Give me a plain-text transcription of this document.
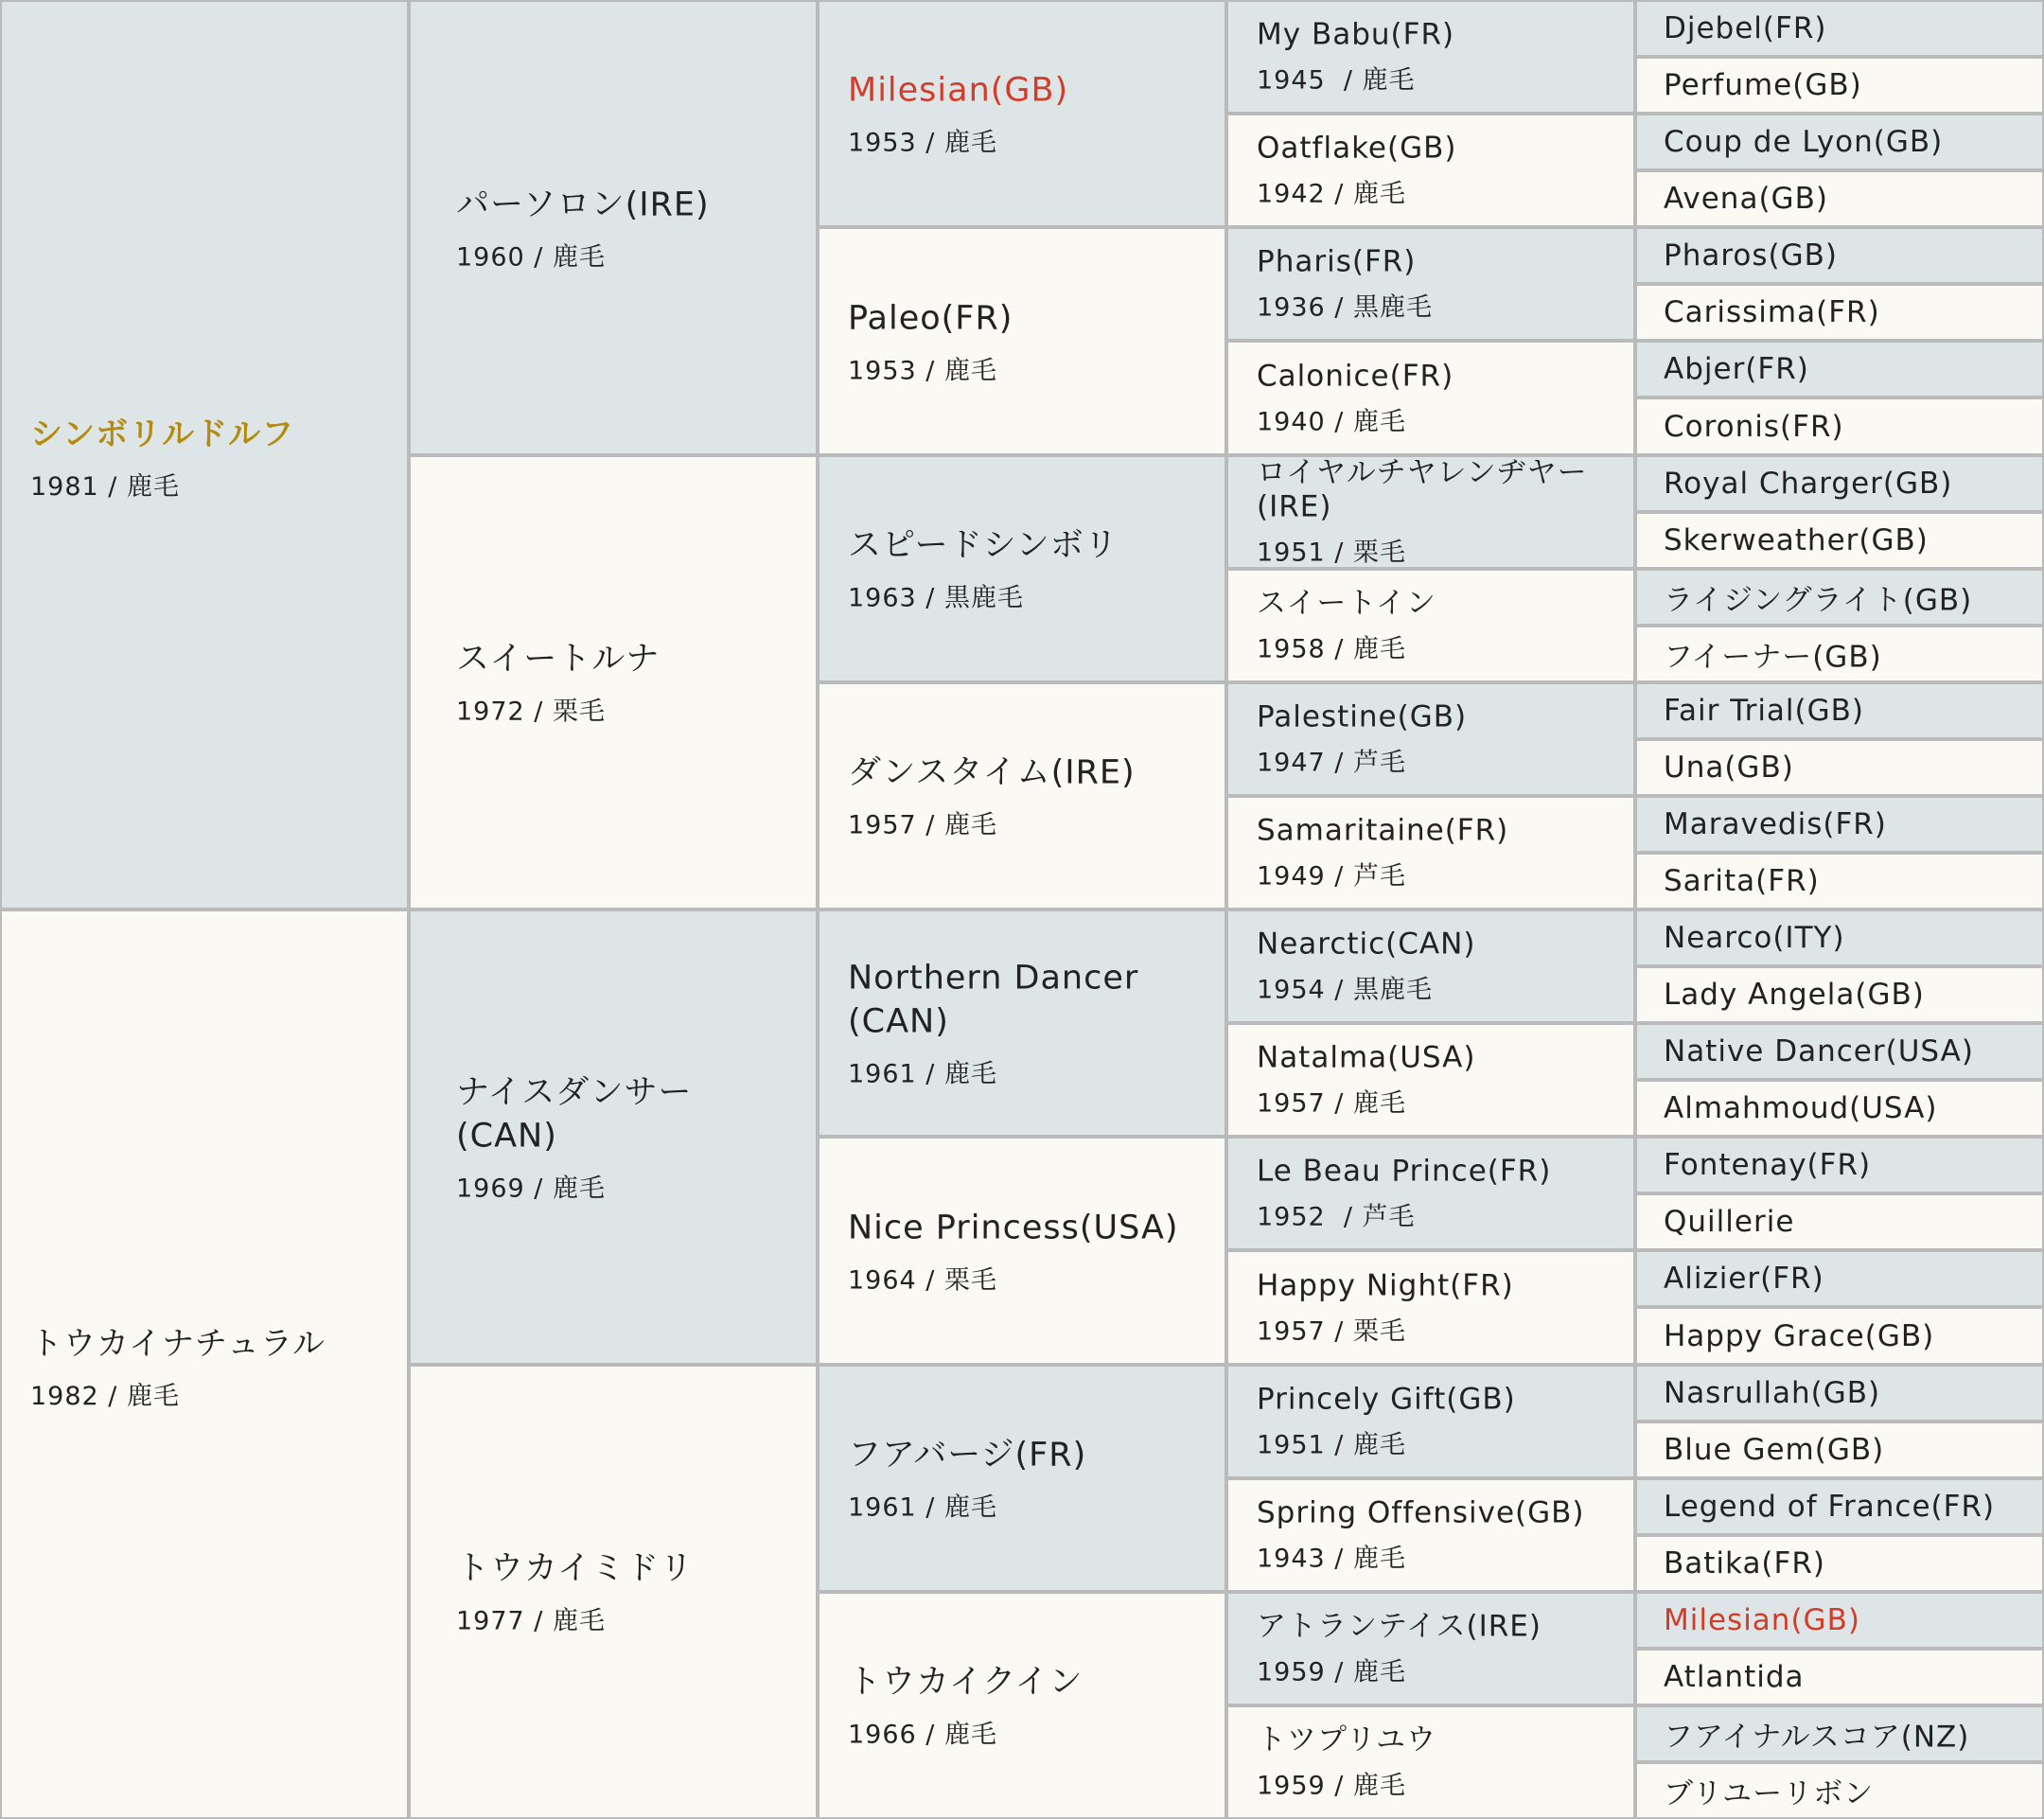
シンボリルドルフ
1981 / 鹿毛
トウカイナチュラル
1982 / 鹿毛
パーソロン(IRE)
1960 / 鹿毛
スイートルナ
1972 / 栗毛
ナイスダンサー
(CAN)
1969 / 鹿毛
トウカイミドリ
1977 / 鹿毛
Milesian(GB)
1953 / 鹿毛
Paleo(FR)
1953 / 鹿毛
スピードシンボリ
1963 / 黒鹿毛
ダンスタイム(IRE)
1957 / 鹿毛
Northern Dancer
(CAN)
1961 / 鹿毛
Nice Princess(USA)
1964 / 栗毛
フアバージ(FR)
1961 / 鹿毛
トウカイクイン
1966 / 鹿毛
My Babu(FR)
1945  / 鹿毛
Oatflake(GB)
1942 / 鹿毛
Pharis(FR)
1936 / 黒鹿毛
Calonice(FR)
1940 / 鹿毛
ロイヤルチヤレンヂヤー
(IRE)
1951 / 栗毛
スイートイン
1958 / 鹿毛
Palestine(GB)
1947 / 芦毛
Samaritaine(FR)
1949 / 芦毛
Nearctic(CAN)
1954 / 黒鹿毛
Natalma(USA)
1957 / 鹿毛
Le Beau Prince(FR)
1952  / 芦毛
Happy Night(FR)
1957 / 栗毛
Princely Gift(GB)
1951 / 鹿毛
Spring Offensive(GB)
1943 / 鹿毛
アトランテイス(IRE)
1959 / 鹿毛
トツプリユウ
1959 / 鹿毛
Djebel(FR)
Perfume(GB)
Coup de Lyon(GB)
Avena(GB)
Pharos(GB)
Carissima(FR)
Abjer(FR)
Coronis(FR)
Royal Charger(GB)
Skerweather(GB)
ライジングライト(GB)
フイーナー(GB)
Fair Trial(GB)
Una(GB)
Maravedis(FR)
Sarita(FR)
Nearco(ITY)
Lady Angela(GB)
Native Dancer(USA)
Almahmoud(USA)
Fontenay(FR)
Quillerie
Alizier(FR)
Happy Grace(GB)
Nasrullah(GB)
Blue Gem(GB)
Legend of France(FR)
Batika(FR)
Milesian(GB)
Atlantida
フアイナルスコア(NZ)
ブリユーリボン
